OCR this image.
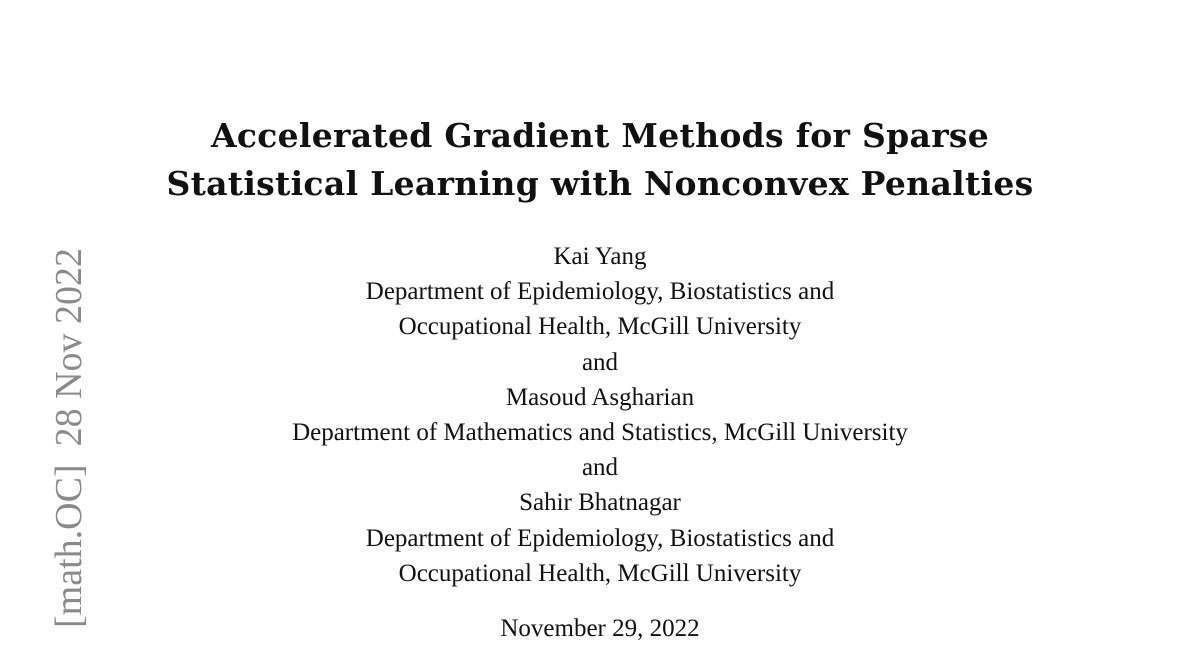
[math.OC]28 Nov 2022
Accelerated Gradient Methods for Sparse
Statistical Learning with Nonconvex Penalties
Kai Yang
Department of Epidemiology, Biostatistics and
Occupational Health, McGill University
and
Masoud Asgharian
Department of Mathematics and Statistics, McGill University
and
Sahir Bhatnagar
Department of Epidemiology, Biostatistics and
Occupational Health, McGill University
November 29, 2022
